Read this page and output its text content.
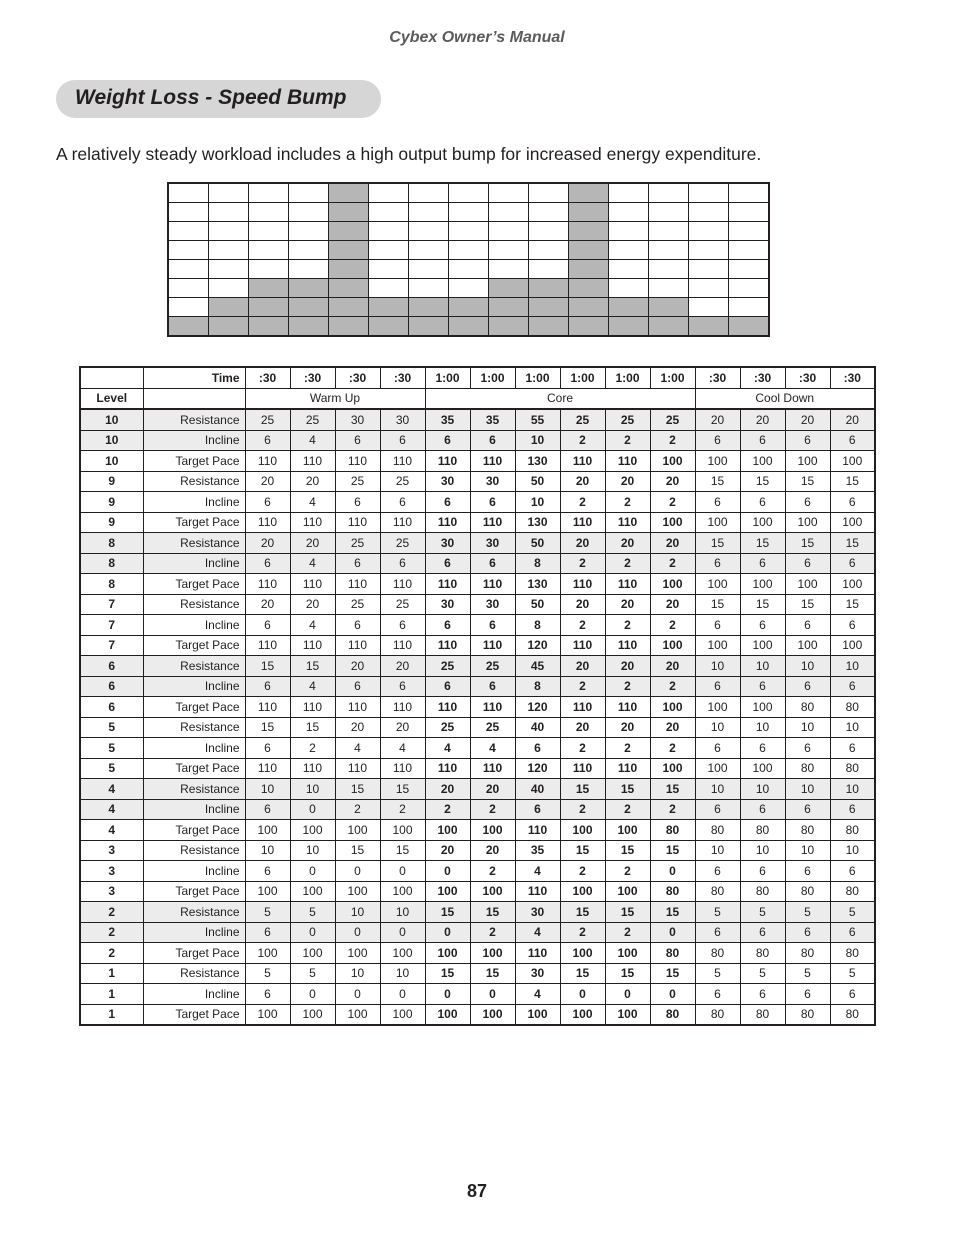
Cybex Owner’s Manual
Weight Loss - Speed Bump
A relatively steady workload includes a high output bump for increased energy expenditure.

	Time	:30	:30	:30	:30	1:00	1:00	1:00	1:00	1:00	1:00	:30	:30	:30	:30
Level		Warm Up				Core						Cool Down			
10	Resistance	25	25	30	30	35	35	55	25	25	25	20	20	20	20
10	Incline	6	4	6	6	6	6	10	2	2	2	6	6	6	6
10	Target Pace	110	110	110	110	110	110	130	110	110	100	100	100	100	100
9	Resistance	20	20	25	25	30	30	50	20	20	20	15	15	15	15
9	Incline	6	4	6	6	6	6	10	2	2	2	6	6	6	6
9	Target Pace	110	110	110	110	110	110	130	110	110	100	100	100	100	100
8	Resistance	20	20	25	25	30	30	50	20	20	20	15	15	15	15
8	Incline	6	4	6	6	6	6	8	2	2	2	6	6	6	6
8	Target Pace	110	110	110	110	110	110	130	110	110	100	100	100	100	100
7	Resistance	20	20	25	25	30	30	50	20	20	20	15	15	15	15
7	Incline	6	4	6	6	6	6	8	2	2	2	6	6	6	6
7	Target Pace	110	110	110	110	110	110	120	110	110	100	100	100	100	100
6	Resistance	15	15	20	20	25	25	45	20	20	20	10	10	10	10
6	Incline	6	4	6	6	6	6	8	2	2	2	6	6	6	6
6	Target Pace	110	110	110	110	110	110	120	110	110	100	100	100	80	80
5	Resistance	15	15	20	20	25	25	40	20	20	20	10	10	10	10
5	Incline	6	2	4	4	4	4	6	2	2	2	6	6	6	6
5	Target Pace	110	110	110	110	110	110	120	110	110	100	100	100	80	80
4	Resistance	10	10	15	15	20	20	40	15	15	15	10	10	10	10
4	Incline	6	0	2	2	2	2	6	2	2	2	6	6	6	6
4	Target Pace	100	100	100	100	100	100	110	100	100	80	80	80	80	80
3	Resistance	10	10	15	15	20	20	35	15	15	15	10	10	10	10
3	Incline	6	0	0	0	0	2	4	2	2	0	6	6	6	6
3	Target Pace	100	100	100	100	100	100	110	100	100	80	80	80	80	80
2	Resistance	5	5	10	10	15	15	30	15	15	15	5	5	5	5
2	Incline	6	0	0	0	0	2	4	2	2	0	6	6	6	6
2	Target Pace	100	100	100	100	100	100	110	100	100	80	80	80	80	80
1	Resistance	5	5	10	10	15	15	30	15	15	15	5	5	5	5
1	Incline	6	0	0	0	0	0	4	0	0	0	6	6	6	6
1	Target Pace	100	100	100	100	100	100	100	100	100	80	80	80	80	80
87
